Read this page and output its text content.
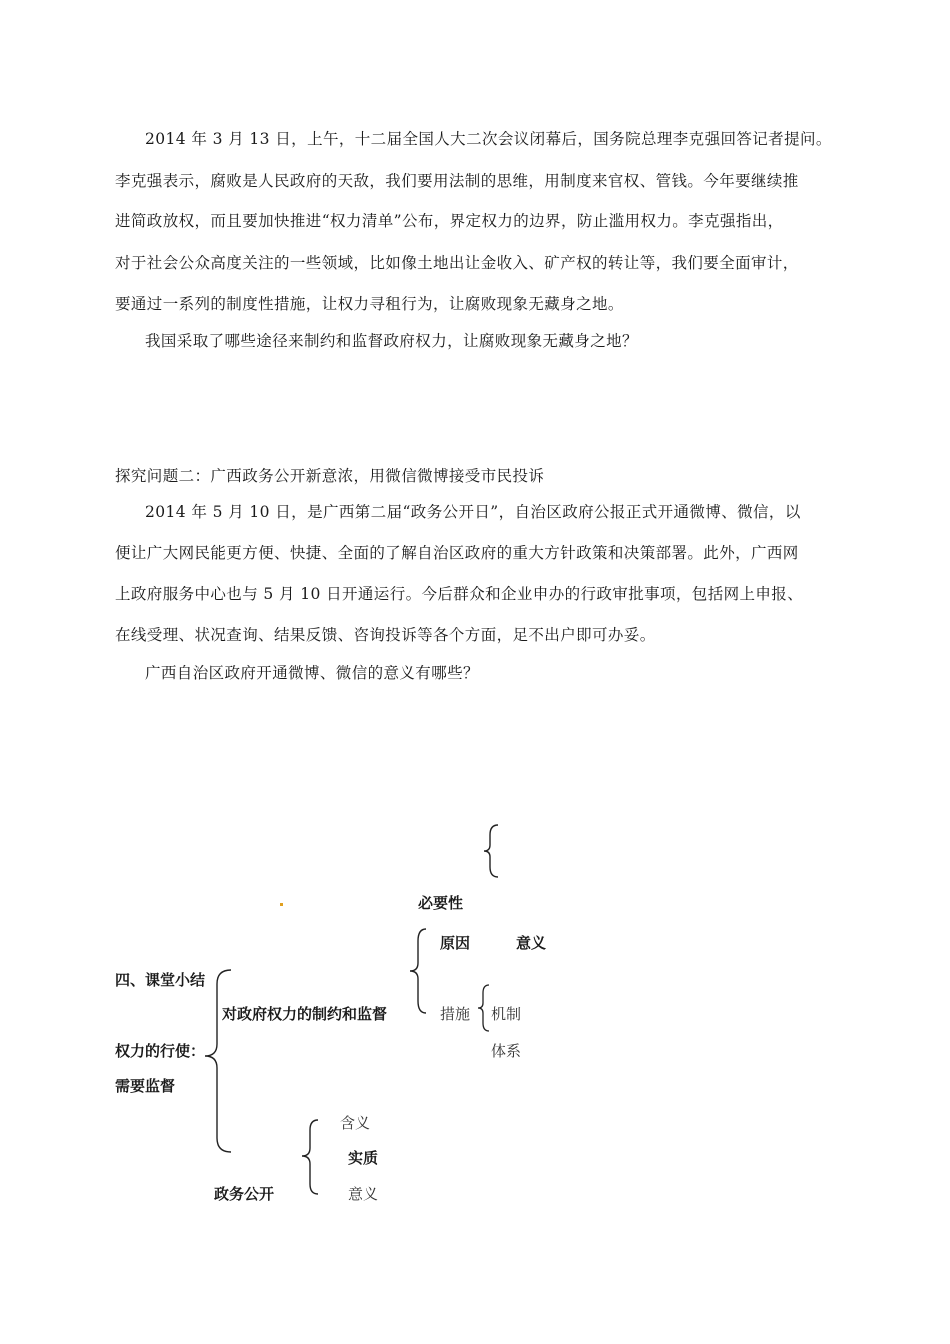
2014 年 3 月 13 日，上午，十二届全国人大二次会议闭幕后，国务院总理李克强回答记者提问。
李克强表示，腐败是人民政府的天敌，我们要用法制的思维，用制度来官权、管钱。今年要继续推
进简政放权，而且要加快推进“权力清单”公布，界定权力的边界，防止滥用权力。李克强指出，
对于社会公众高度关注的一些领域，比如像土地出让金收入、矿产权的转让等，我们要全面审计，
要通过一系列的制度性措施，让权力寻租行为，让腐败现象无藏身之地。
我国采取了哪些途径来制约和监督政府权力，让腐败现象无藏身之地？
探究问题二：广西政务公开新意浓，用微信微博接受市民投诉
2014 年 5 月 10 日，是广西第二届“政务公开日”，自治区政府公报正式开通微博、微信，以
便让广大网民能更方便、快捷、全面的了解自治区政府的重大方针政策和决策部署。此外，广西网
上政府服务中心也与 5 月 10 日开通运行。今后群众和企业申办的行政审批事项，包括网上申报、
在线受理、状况查询、结果反馈、咨询投诉等各个方面，足不出户即可办妥。
广西自治区政府开通微博、微信的意义有哪些？
必要性
原因	意义
四、课堂小结
对政府权力的制约和监督	措施 机制
权力的行使：	体系
需要监督
含义
实质
政务公开	意义
